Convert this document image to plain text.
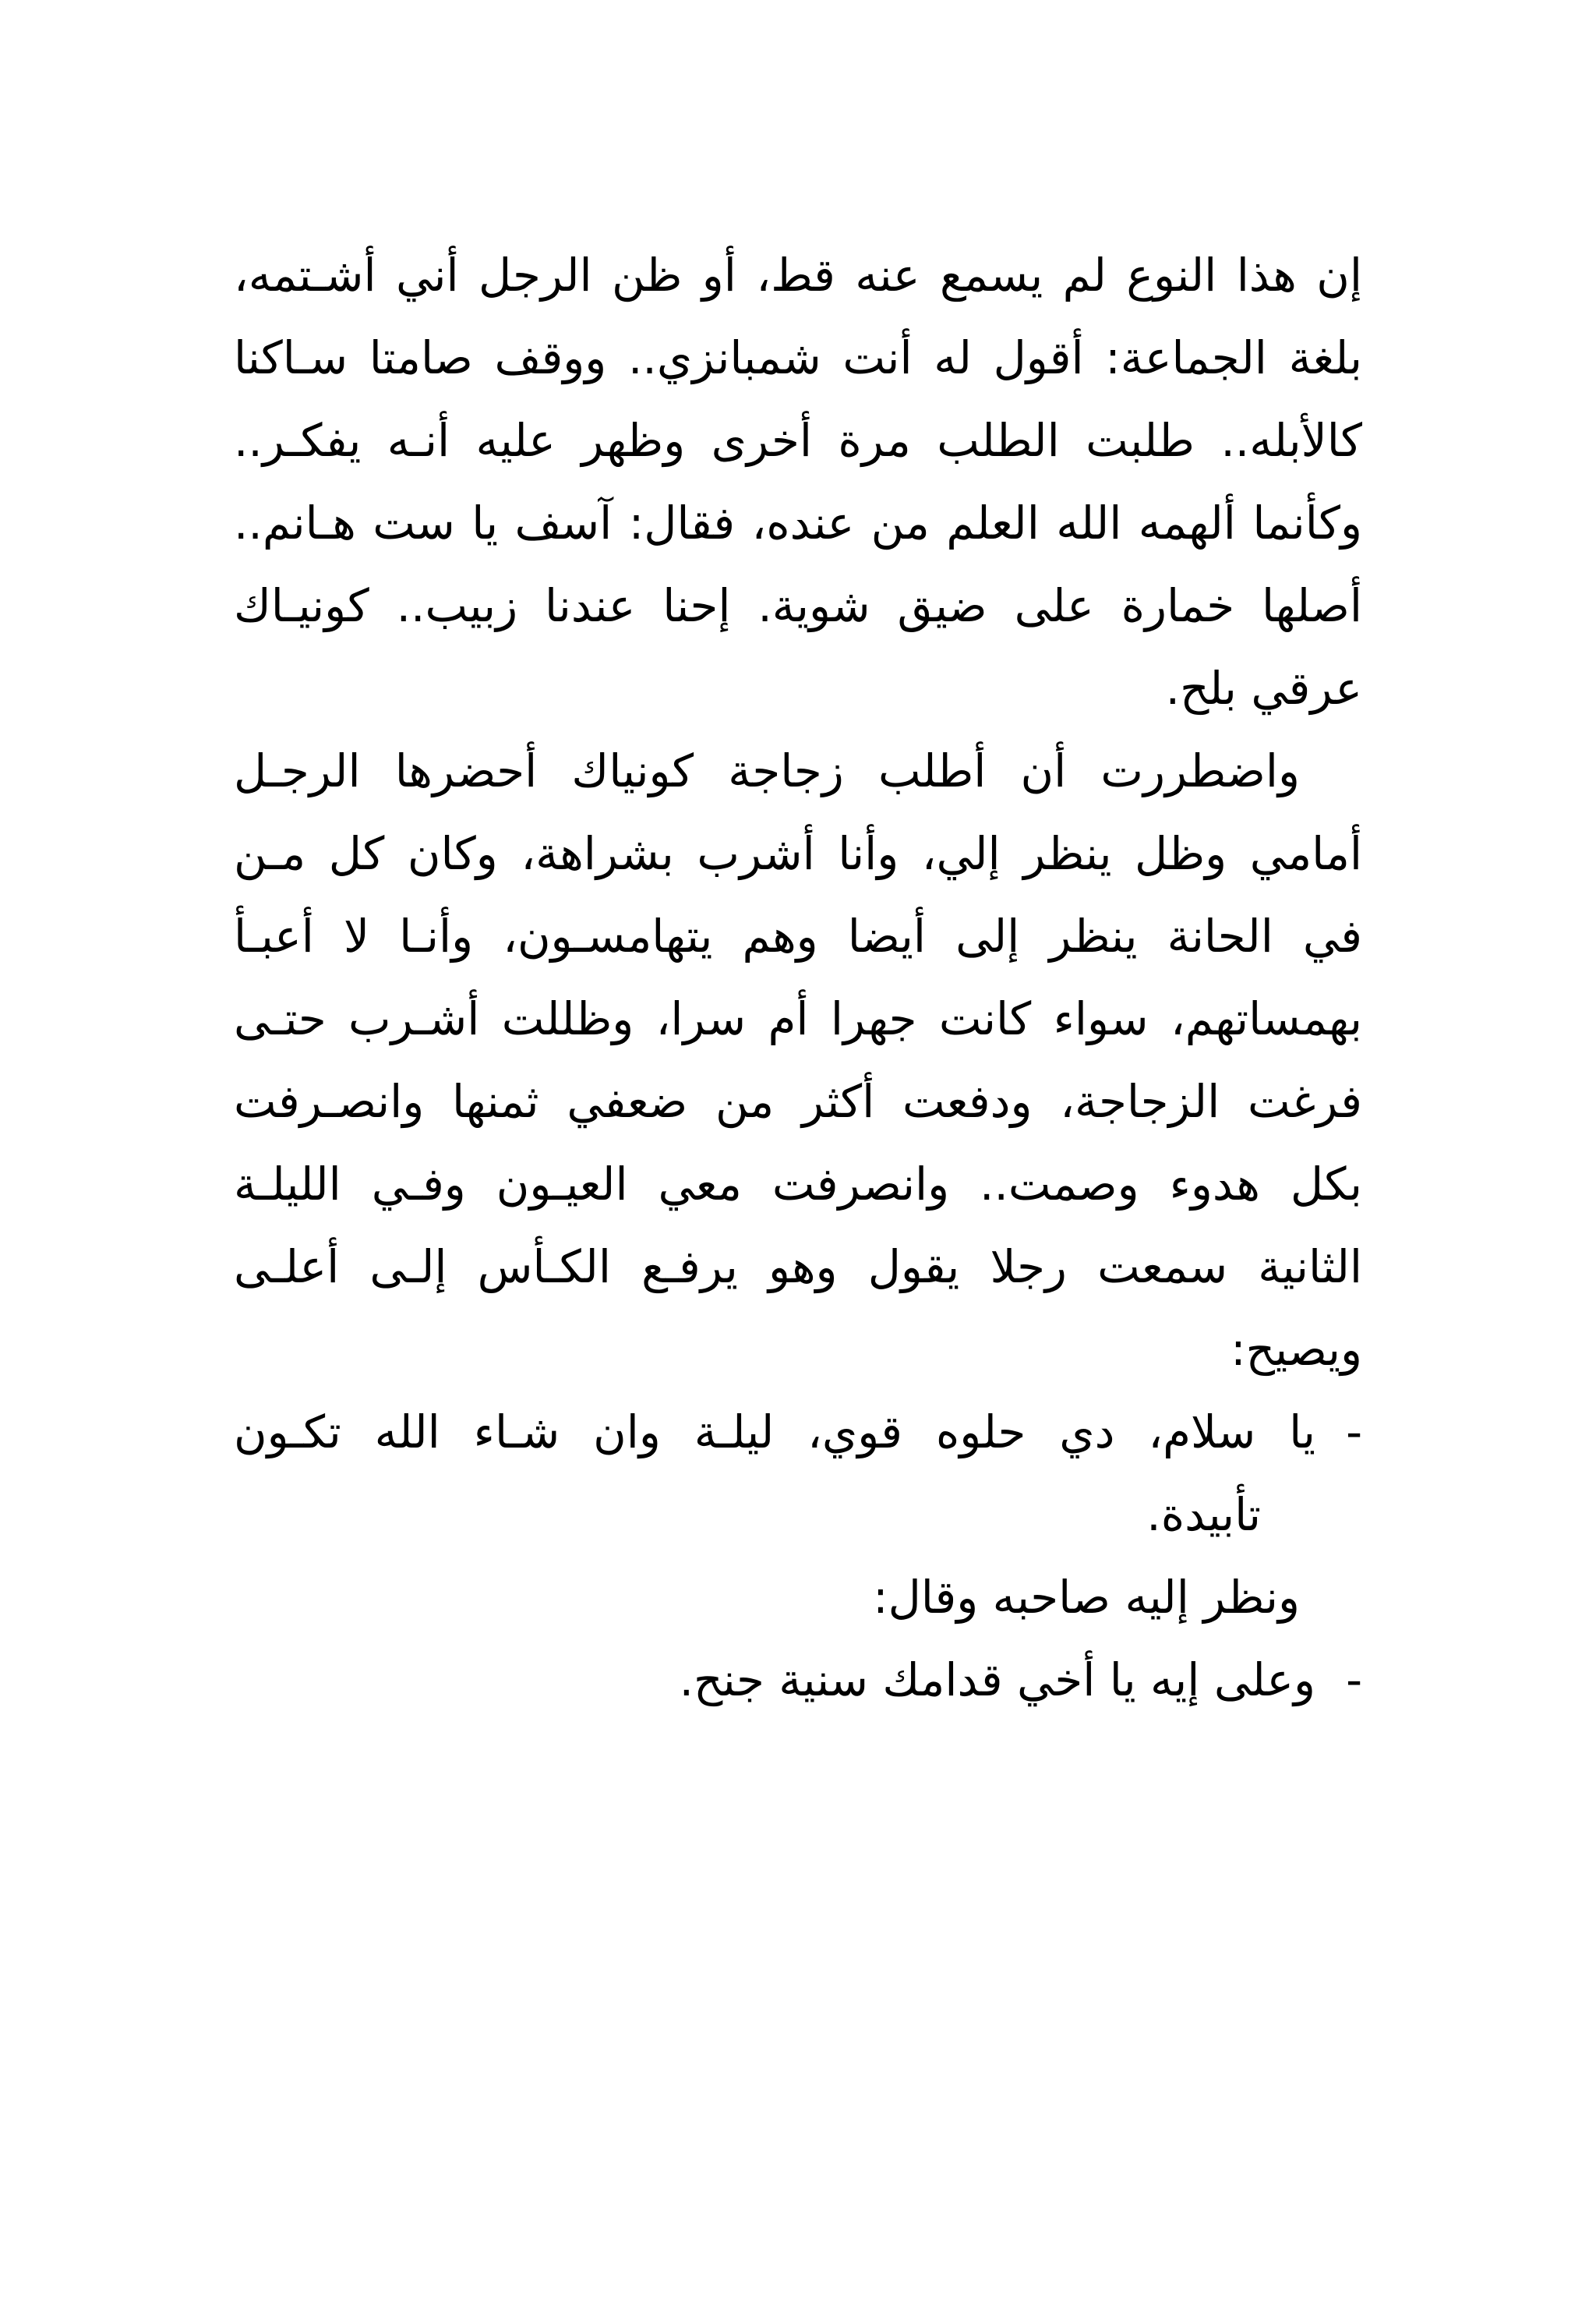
إن هذا النوع لم يسمع عنه قط، أو ظن الرجل أني أشـتمه،
بلغة الجماعة: أقول له أنت شمبانزي.. ووقف صامتا سـاكنا
كالأبله.. طلبت الطلب مرة أخرى وظهر عليه أنـه يفكـر..
وكأنما ألهمه الله العلم من عنده، فقال: آسف يا ست هـانم..
أصلها خمارة على ضيق شوية. إحنا عندنا زبيب.. كونيـاك
عرقي بلح.
واضطررت أن أطلب زجاجة كونياك أحضرها الرجـل
أمامي وظل ينظر إلي، وأنا أشرب بشراهة، وكان كل مـن
في الحانة ينظر إلى أيضا وهم يتهامسـون، وأنـا لا أعبـأ
بهمساتهم، سواء كانت جهرا أم سرا، وظللت أشـرب حتـى
فرغت الزجاجة، ودفعت أكثر من ضعفي ثمنها وانصـرفت
بكل هدوء وصمت.. وانصرفت معي العيـون وفـي الليلـة
الثانية سمعت رجلا يقول وهو يرفـع الكـأس إلـى أعلـى
ويصيح:
-
يا سلام، دي حلوه قوي، ليلـة وان شـاء الله تكـون
تأبيدة.
ونظر إليه صاحبه وقال:
-
وعلى إيه يا أخي قدامك سنية جنح.
